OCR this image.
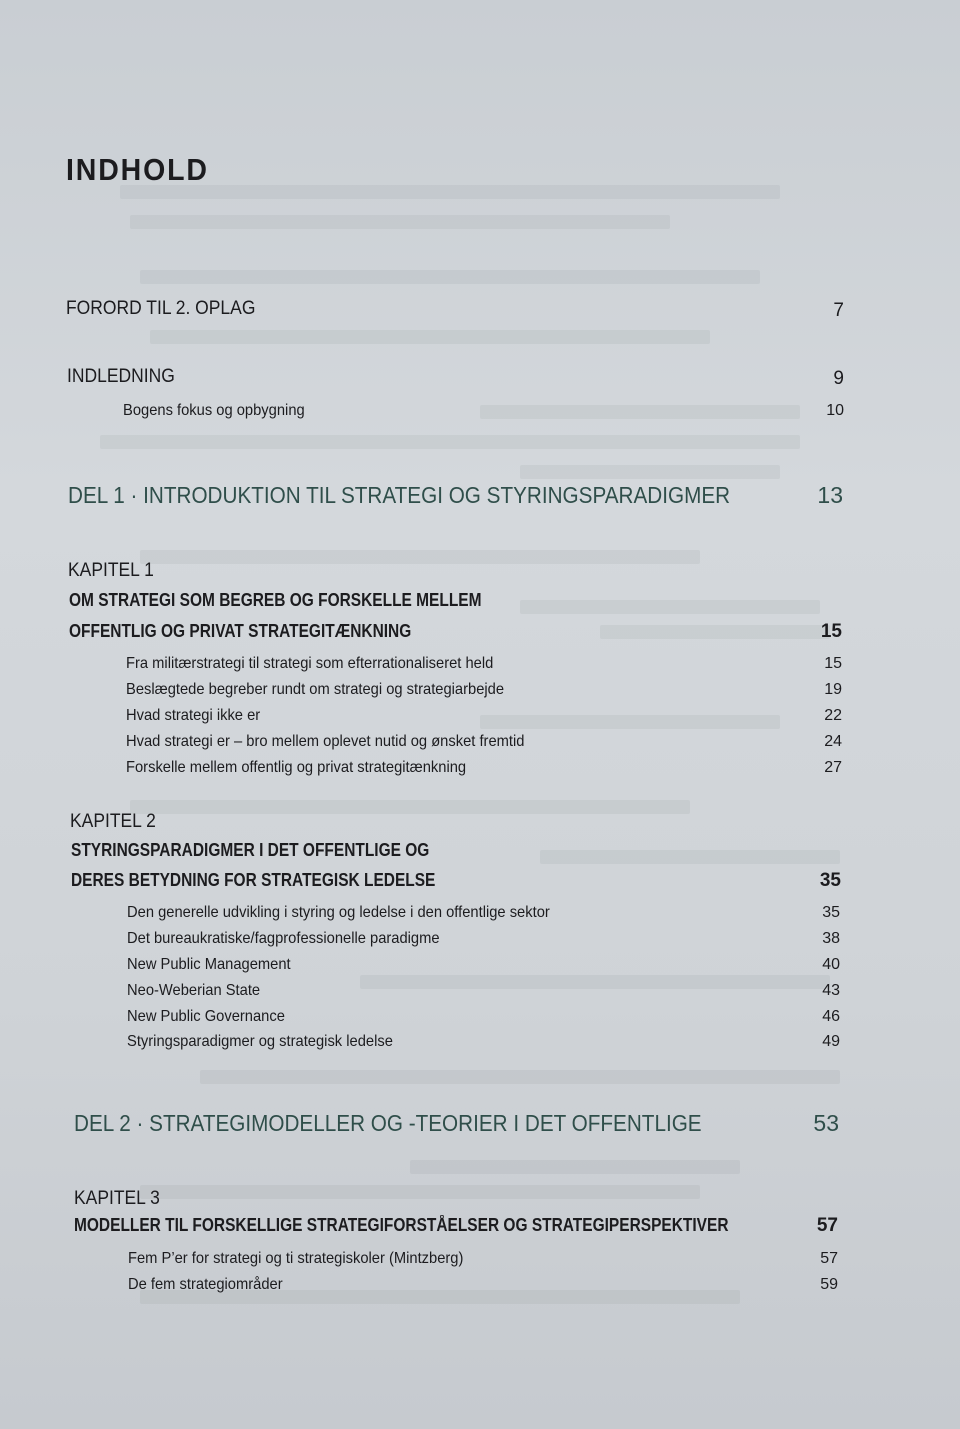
INDHOLD
FORORD TIL 2. OPLAG	7
INDLEDNING	9
Bogens fokus og opbygning	10
DEL 1 · INTRODUKTION TIL STRATEGI OG STYRINGSPARADIGMER	13
KAPITEL 1
OM STRATEGI SOM BEGREB OG FORSKELLE MELLEM
OFFENTLIG OG PRIVAT STRATEGITÆNKNING	15
Fra militærstrategi til strategi som efterrationaliseret held	15
Beslægtede begreber rundt om strategi og strategiarbejde	19
Hvad strategi ikke er	22
Hvad strategi er – bro mellem oplevet nutid og ønsket fremtid	24
Forskelle mellem offentlig og privat strategitænkning	27
KAPITEL 2
STYRINGSPARADIGMER I DET OFFENTLIGE OG
DERES BETYDNING FOR STRATEGISK LEDELSE	35
Den generelle udvikling i styring og ledelse i den offentlige sektor	35
Det bureaukratiske/fagprofessionelle paradigme	38
New Public Management	40
Neo-Weberian State	43
New Public Governance	46
Styringsparadigmer og strategisk ledelse	49
DEL 2 · STRATEGIMODELLER OG -TEORIER I DET OFFENTLIGE	53
KAPITEL 3
MODELLER TIL FORSKELLIGE STRATEGIFORSTÅELSER OG STRATEGIPERSPEKTIVER	57
Fem P’er for strategi og ti strategiskoler (Mintzberg)	57
De fem strategiområder	59
